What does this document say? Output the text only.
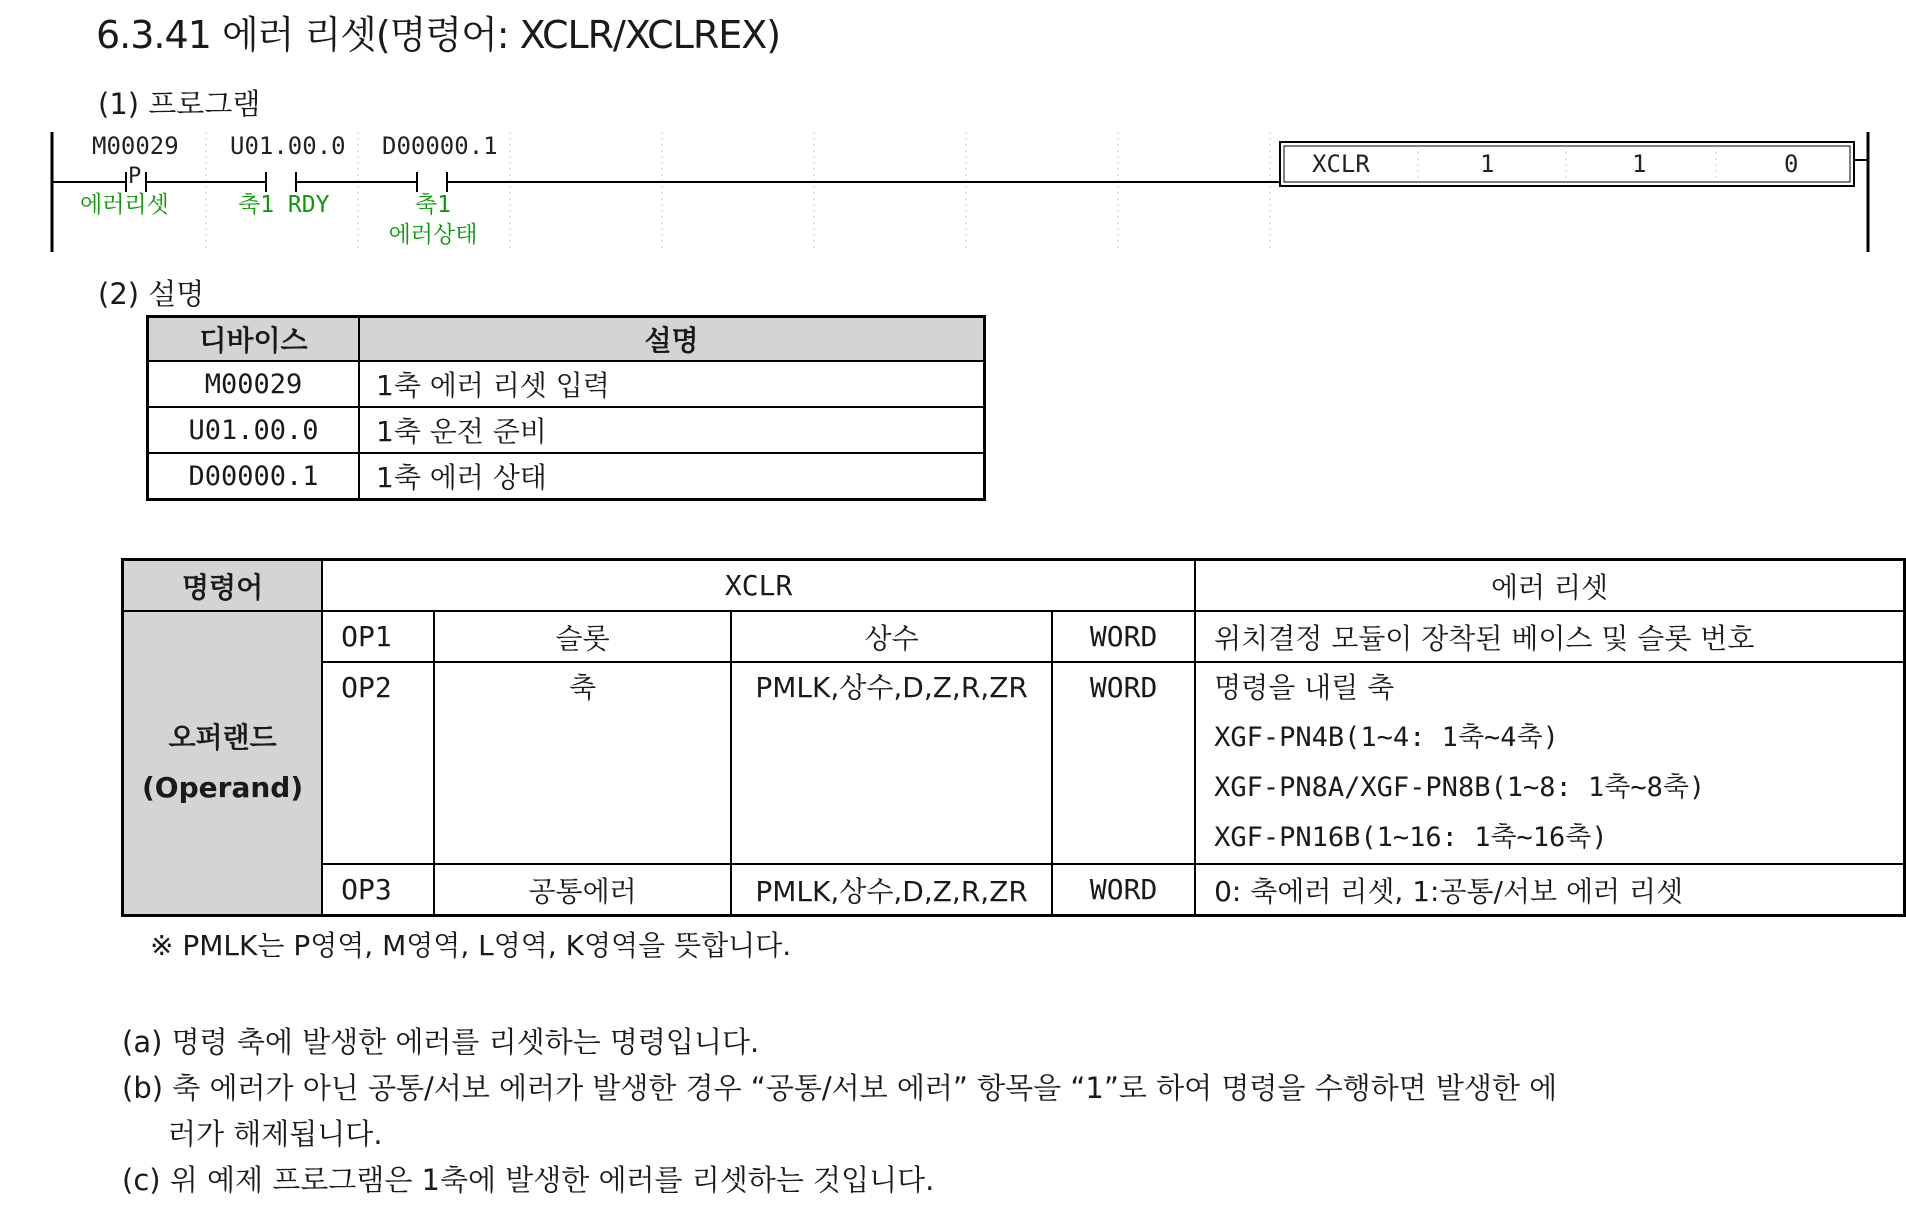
6.3.41 에러 리셋(명령어: XCLR/XCLREX)
(1) 프로그램
M00029
P
에러리셋
U01.00.0
축1 RDY
D00000.1
축1
에러상태
XCLR	1	1	0
(2) 설명
디바이스	설명
M00029	1축 에러 리셋 입력
U01.00.0	1축 운전 준비
D00000.1	1축 에러 상태
명령어	XCLR				에러 리셋

오퍼랜드
(Operand)	OP1	슬롯	상수	WORD	위치결정 모듈이 장착된 베이스 및 슬롯 번호
	OP2	축	PMLK,상수,D,Z,R,ZR	WORD	명령을 내릴 축
XGF-PN4B(1~4: 1축~4축)
XGF-PN8A/XGF-PN8B(1~8: 1축~8축)
XGF-PN16B(1~16: 1축~16축)

	OP3	공통에러	PMLK,상수,D,Z,R,ZR	WORD	0: 축에러 리셋, 1:공통/서보 에러 리셋
※ PMLK는 P영역, M영역, L영역, K영역을 뜻합니다.
(a) 명령 축에 발생한 에러를 리셋하는 명령입니다.
(b) 축 에러가 아닌 공통/서보 에러가 발생한 경우 “공통/서보 에러” 항목을 “1”로 하여 명령을 수행하면 발생한 에
러가 해제됩니다.
(c) 위 예제 프로그램은 1축에 발생한 에러를 리셋하는 것입니다.
